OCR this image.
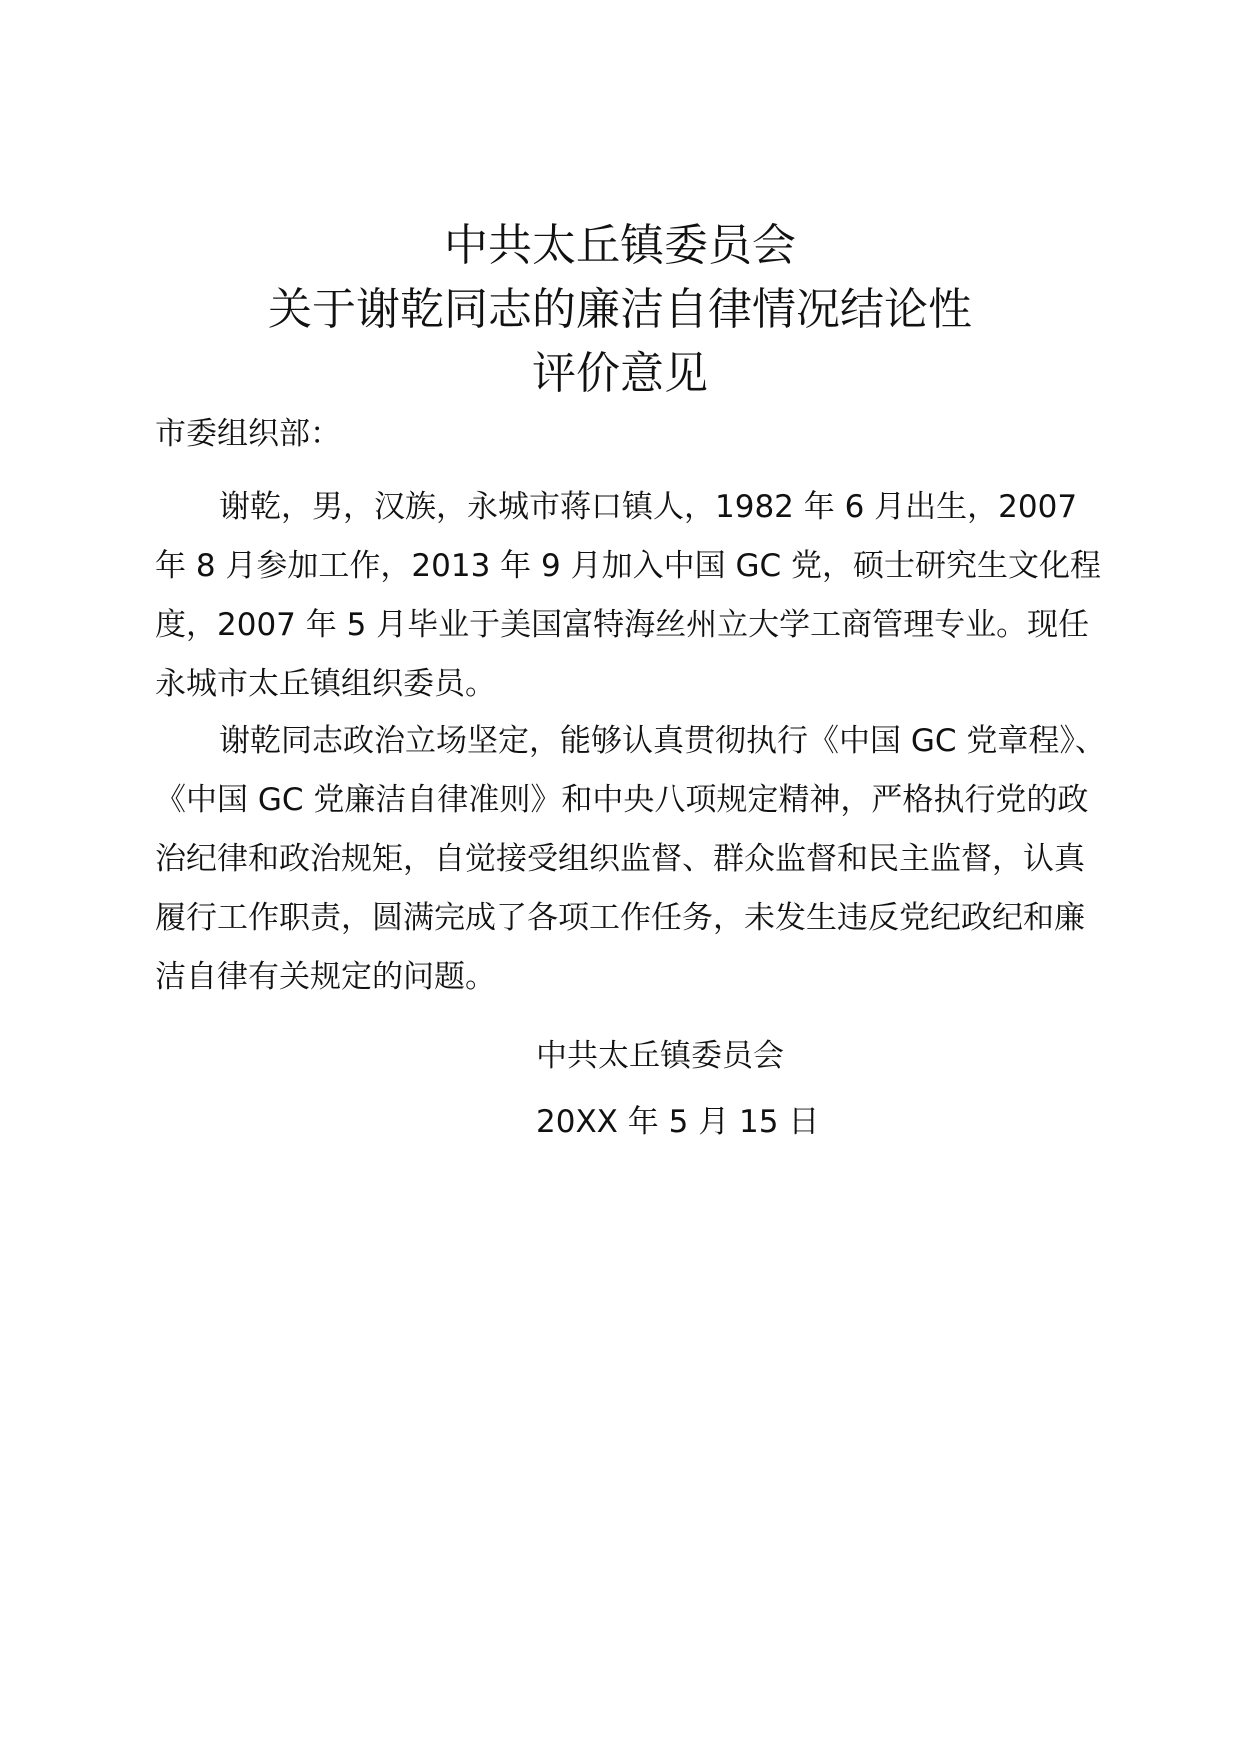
中共太丘镇委员会
关于谢乾同志的廉洁自律情况结论性
评价意见
市委组织部：

谢乾，男，汉族，永城市蒋口镇人，1982 年 6 月出生，2007 年 8 月参加工作，2013 年 9 月加入中国 GC 党，硕士研究生文化程度，2007 年 5 月毕业于美国富特海丝州立大学工商管理专业。现任永城市太丘镇组织委员。

谢乾同志政治立场坚定，能够认真贯彻执行《中国 GC 党章程》、《中国 GC 党廉洁自律准则》和中央八项规定精神，严格执行党的政治纪律和政治规矩，自觉接受组织监督、群众监督和民主监督，认真履行工作职责，圆满完成了各项工作任务，未发生违反党纪政纪和廉洁自律有关规定的问题。

中共太丘镇委员会
20XX 年 5 月 15 日
